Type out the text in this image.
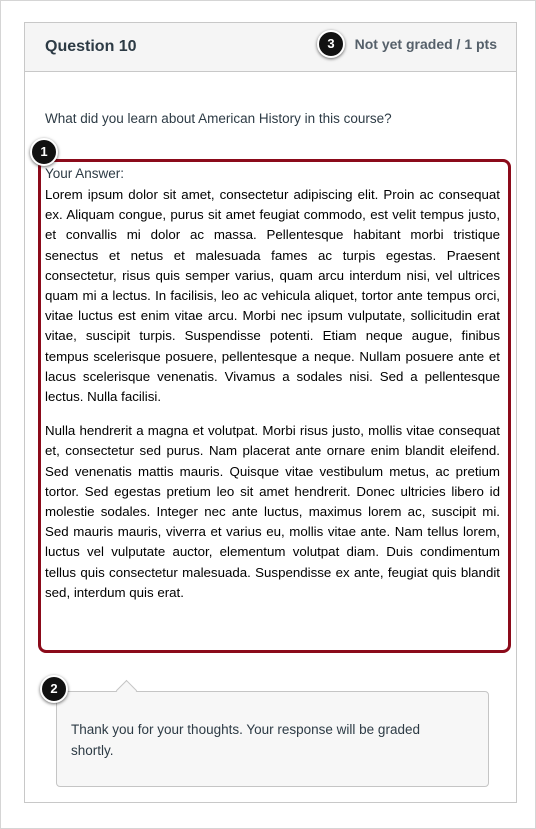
Question 10	Not yet graded / 1 pts
What did you learn about American History in this course?
Your Answer:

Lorem ipsum dolor sit amet, consectetur adipiscing elit. Proin ac consequat ex. Aliquam congue, purus sit amet feugiat commodo, est velit tempus justo, et convallis mi dolor ac massa. Pellentesque habitant morbi tristique senectus et netus et malesuada fames ac turpis egestas. Praesent consectetur, risus quis semper varius, quam arcu interdum nisi, vel ultrices quam mi a lectus. In facilisis, leo ac vehicula aliquet, tortor ante tempus orci, vitae luctus est enim vitae arcu. Morbi nec ipsum vulputate, sollicitudin erat vitae, suscipit turpis. Suspendisse potenti. Etiam neque augue, finibus tempus scelerisque posuere, pellentesque a neque. Nullam posuere ante et lacus scelerisque venenatis. Vivamus a sodales nisi. Sed a pellentesque lectus. Nulla facilisi.

Nulla hendrerit a magna et volutpat. Morbi risus justo, mollis vitae consequat et, consectetur sed purus. Nam placerat ante ornare enim blandit eleifend. Sed venenatis mattis mauris. Quisque vitae vestibulum metus, ac pretium tortor. Sed egestas pretium leo sit amet hendrerit. Donec ultricies libero id molestie sodales. Integer nec ante luctus, maximus lorem ac, suscipit mi. Sed mauris mauris, viverra et varius eu, mollis vitae ante. Nam tellus lorem, luctus vel vulputate auctor, elementum volutpat diam. Duis condimentum tellus quis consectetur malesuada. Suspendisse ex ante, feugiat quis blandit sed, interdum quis erat.

Thank you for your thoughts. Your response will be graded shortly.
3
1
2
